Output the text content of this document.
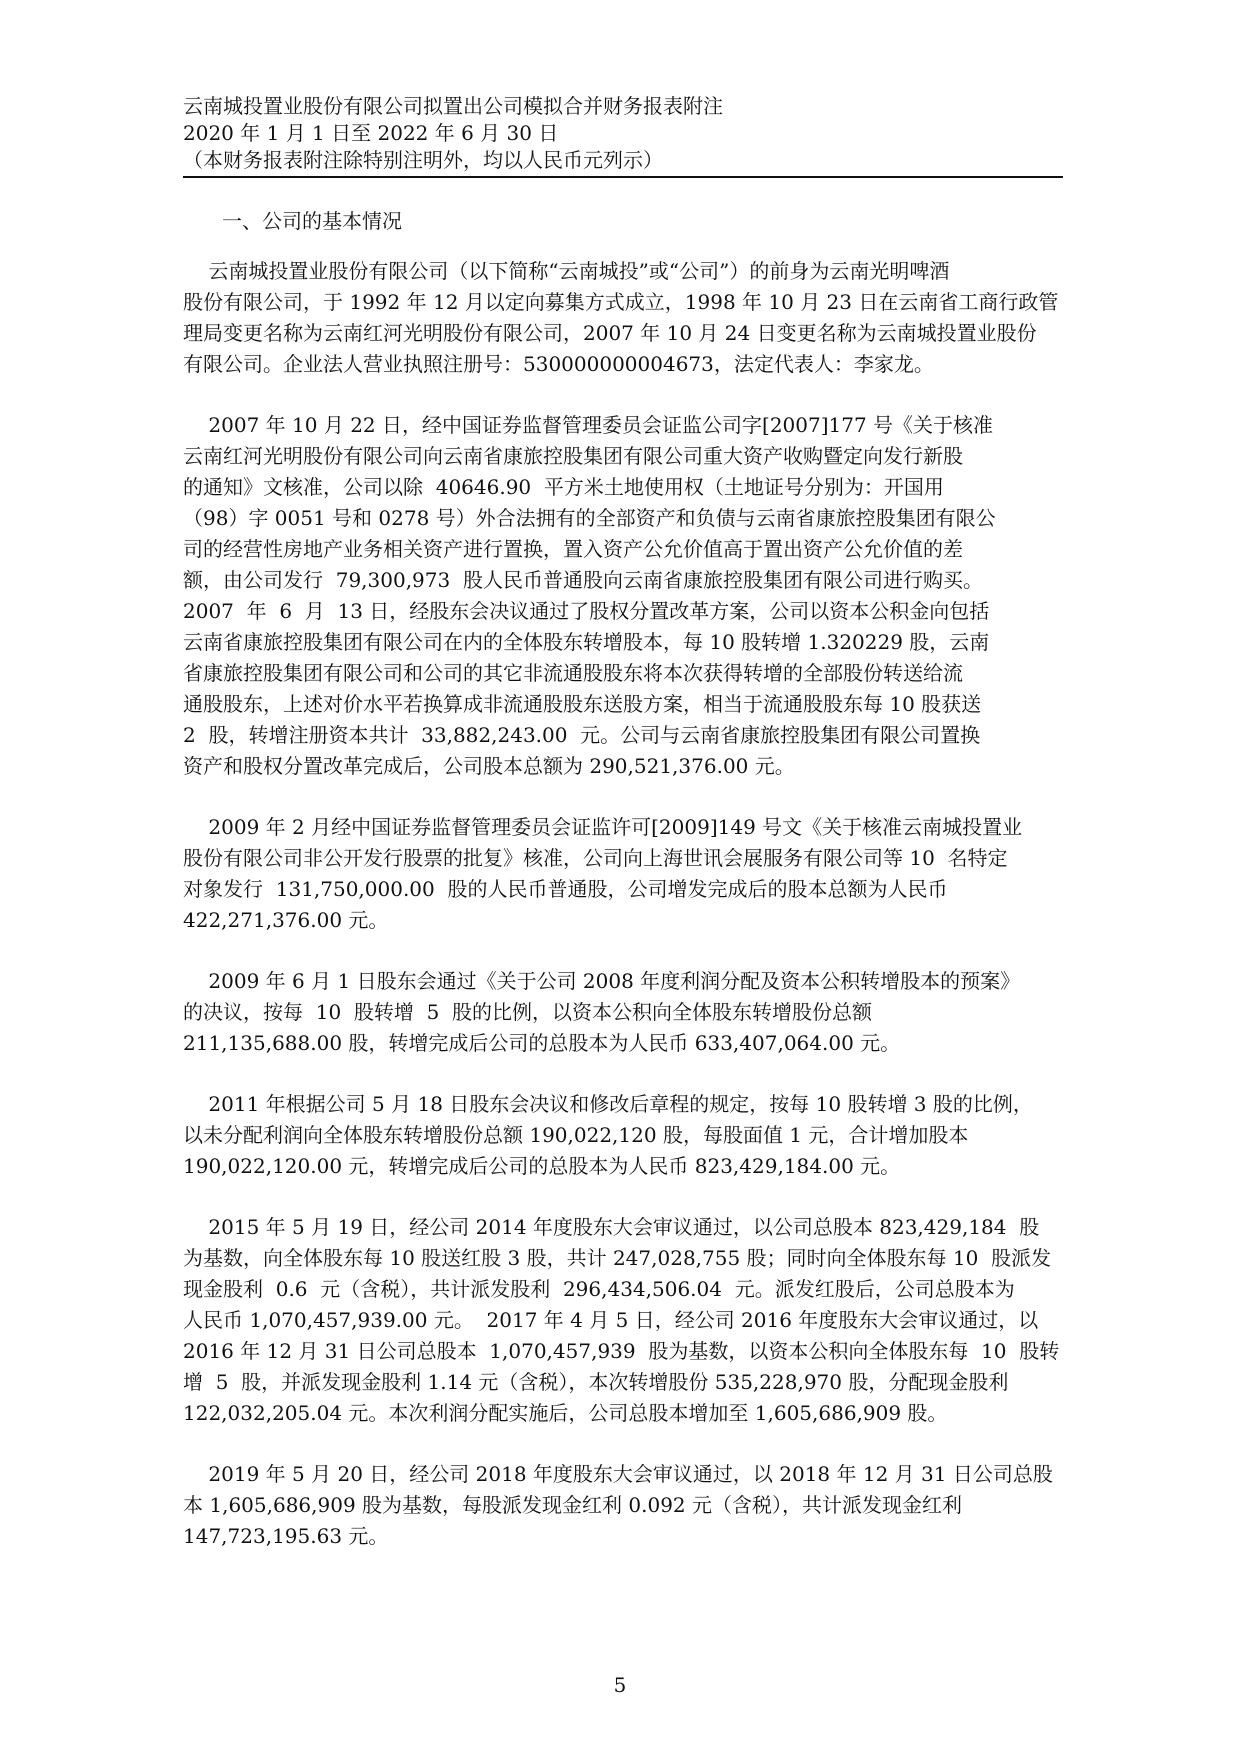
云南城投置业股份有限公司拟置出公司模拟合并财务报表附注
2020 年 1 月 1 日至 2022 年 6 月 30 日
（本财务报表附注除特别注明外，均以人民币元列示）
一、公司的基本情况
云南城投置业股份有限公司（以下简称“云南城投”或“公司”）的前身为云南光明啤酒
股份有限公司，于 1992 年 12 月以定向募集方式成立，1998 年 10 月 23 日在云南省工商行政管
理局变更名称为云南红河光明股份有限公司，2007 年 10 月 24 日变更名称为云南城投置业股份
有限公司。企业法人营业执照注册号：530000000004673，法定代表人：李家龙。
2007 年 10 月 22 日，经中国证券监督管理委员会证监公司字[2007]177 号《关于核准
云南红河光明股份有限公司向云南省康旅控股集团有限公司重大资产收购暨定向发行新股
的通知》文核准，公司以除  40646.90  平方米土地使用权（土地证号分别为：开国用
（98）字 0051 号和 0278 号）外合法拥有的全部资产和负债与云南省康旅控股集团有限公
司的经营性房地产业务相关资产进行置换，置入资产公允价值高于置出资产公允价值的差
额，由公司发行  79,300,973  股人民币普通股向云南省康旅控股集团有限公司进行购买。
2007  年  6  月  13 日，经股东会决议通过了股权分置改革方案，公司以资本公积金向包括
云南省康旅控股集团有限公司在内的全体股东转增股本，每 10 股转增 1.320229 股，云南
省康旅控股集团有限公司和公司的其它非流通股股东将本次获得转增的全部股份转送给流
通股股东，上述对价水平若换算成非流通股股东送股方案，相当于流通股股东每 10 股获送
2  股，转增注册资本共计  33,882,243.00  元。公司与云南省康旅控股集团有限公司置换
资产和股权分置改革完成后，公司股本总额为 290,521,376.00 元。
2009 年 2 月经中国证券监督管理委员会证监许可[2009]149 号文《关于核准云南城投置业
股份有限公司非公开发行股票的批复》核准，公司向上海世讯会展服务有限公司等 10  名特定
对象发行  131,750,000.00  股的人民币普通股，公司增发完成后的股本总额为人民币
422,271,376.00 元。
2009 年 6 月 1 日股东会通过《关于公司 2008 年度利润分配及资本公积转增股本的预案》
的决议，按每  10  股转增  5  股的比例，以资本公积向全体股东转增股份总额
211,135,688.00 股，转增完成后公司的总股本为人民币 633,407,064.00 元。
2011 年根据公司 5 月 18 日股东会决议和修改后章程的规定，按每 10 股转增 3 股的比例，
以未分配利润向全体股东转增股份总额 190,022,120 股，每股面值 1 元，合计增加股本
190,022,120.00 元，转增完成后公司的总股本为人民币 823,429,184.00 元。
2015 年 5 月 19 日，经公司 2014 年度股东大会审议通过，以公司总股本 823,429,184  股
为基数，向全体股东每 10 股送红股 3 股，共计 247,028,755 股；同时向全体股东每 10  股派发
现金股利  0.6  元（含税），共计派发股利  296,434,506.04  元。派发红股后，公司总股本为
人民币 1,070,457,939.00 元。  2017 年 4 月 5 日，经公司 2016 年度股东大会审议通过，以
2016 年 12 月 31 日公司总股本  1,070,457,939  股为基数，以资本公积向全体股东每  10  股转
增  5  股，并派发现金股利 1.14 元（含税），本次转增股份 535,228,970 股，分配现金股利
122,032,205.04 元。本次利润分配实施后，公司总股本增加至 1,605,686,909 股。
2019 年 5 月 20 日，经公司 2018 年度股东大会审议通过，以 2018 年 12 月 31 日公司总股
本 1,605,686,909 股为基数，每股派发现金红利 0.092 元（含税），共计派发现金红利
147,723,195.63 元。
5
